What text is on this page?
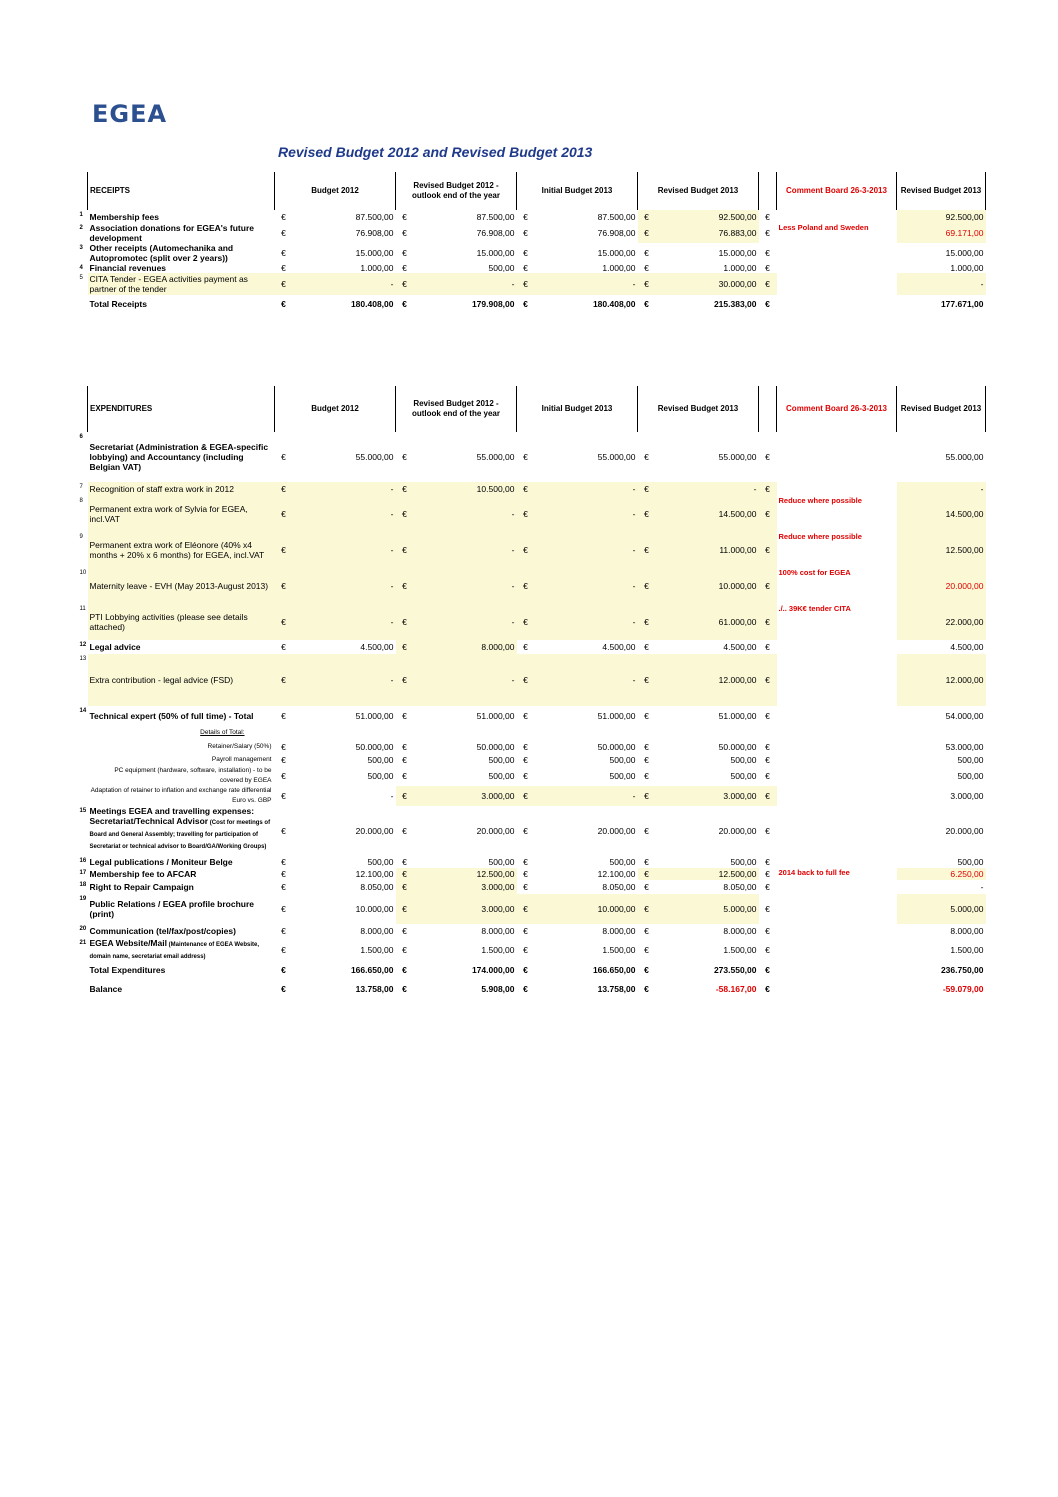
EGEA
Revised Budget 2012 and Revised Budget 2013
RECEIPTS	Budget 2012		Revised Budget 2012 - outlook end of the year		Initial Budget 2013		Revised Budget 2013			Comment Board 26-3-2013	Revised Budget 2013

1 Membership fees	€	87.500,00	€	87.500,00	€	87.500,00	€	92.500,00	€		92.500,00

2 Association donations for EGEA's future development	€	76.908,00	€	76.908,00	€	76.908,00	€	76.883,00	€	Less Poland and Sweden	69.171,00

3 Other receipts (Automechanika and Autopromotec (split over 2 years))	€	15.000,00	€	15.000,00	€	15.000,00	€	15.000,00	€		15.000,00

4 Financial revenues	€	1.000,00	€	500,00	€	1.000,00	€	1.000,00	€		1.000,00

5 CITA Tender - EGEA activities payment as partner of the tender	€	-	€	-	€	-	€	30.000,00	€		-
Total Receipts	€	180.408,00	€	179.908,00	€	180.408,00	€	215.383,00	€		177.671,00
EXPENDITURES	Budget 2012		Revised Budget 2012 - outlook end of the year		Initial Budget 2013		Revised Budget 2013			Comment Board 26-3-2013	Revised Budget 2013	

6
Secretariat (Administration & EGEA-specific lobbying) and Accountancy (including Belgian VAT)	€	55.000,00	€	55.000,00	€	55.000,00	€	55.000,00	€		55.000,00	

7 Recognition of staff extra work in 2012	€	-	€	10.500,00	€	-	€	-	€		-	

8
Permanent extra work of Sylvia for EGEA, incl.VAT	€	-	€	-	€	-	€	14.500,00	€	Reduce where possible	14.500,00	

9
Permanent extra work of Eléonore (40% x4 months + 20% x 6 months) for EGEA, incl.VAT	€	-	€	-	€	-	€	11.000,00	€	Reduce where possible	12.500,00	

10
Maternity leave - EVH (May 2013-August 2013)	€	-	€	-	€	-	€	10.000,00	€	100% cost for EGEA	20.000,00	

11
PTI Lobbying activities (please see details attached)	€	-	€	-	€	-	€	61.000,00	€	./.. 39K€ tender CITA	22.000,00	

12 Legal advice	€	4.500,00	€	8.000,00	€	4.500,00	€	4.500,00	€		4.500,00	

13
Extra contribution - legal advice (FSD)	€	-	€	-	€	-	€	12.000,00	€		12.000,00	

14 Technical expert (50% of full time) - Total	€	51.000,00	€	51.000,00	€	51.000,00	€	51.000,00	€		54.000,00	
Details of Total:												
Retainer/Salary (50%)	€	50.000,00	€	50.000,00	€	50.000,00	€	50.000,00	€		53.000,00	
Payroll management	€	500,00	€	500,00	€	500,00	€	500,00	€		500,00	
PC equipment (hardware, software, installation) - to be covered by EGEA	€	500,00	€	500,00	€	500,00	€	500,00	€		500,00	
Adaptation of retainer to inflation and exchange rate differential Euro vs. GBP	€	-	€	3.000,00	€	-	€	3.000,00	€		3.000,00	

15 Meetings EGEA and travelling expenses: Secretariat/Technical Advisor (Cost for meetings of Board and General Assembly; travelling for participation of Secretariat or technical advisor to Board/GA/Working Groups)	€	20.000,00	€	20.000,00	€	20.000,00	€	20.000,00	€		20.000,00	

16 Legal publications / Moniteur Belge	€	500,00	€	500,00	€	500,00	€	500,00	€		500,00	

17 Membership fee to AFCAR	€	12.100,00	€	12.500,00	€	12.100,00	€	12.500,00	€	2014 back to full fee	6.250,00	

18 Right to Repair Campaign	€	8.050,00	€	3.000,00	€	8.050,00	€	8.050,00	€		-	

19 Public Relations / EGEA profile brochure (print)	€	10.000,00	€	3.000,00	€	10.000,00	€	5.000,00	€		5.000,00	

20 Communication (tel/fax/post/copies)	€	8.000,00	€	8.000,00	€	8.000,00	€	8.000,00	€		8.000,00	

21 EGEA Website/Mail (Maintenance of EGEA Website, domain name, secretariat email address)	€	1.500,00	€	1.500,00	€	1.500,00	€	1.500,00	€		1.500,00	
Total Expenditures	€	166.650,00	€	174.000,00	€	166.650,00	€	273.550,00	€		236.750,00	
Balance	€	13.758,00	€	5.908,00	€	13.758,00	€	-58.167,00	€		-59.079,00	
